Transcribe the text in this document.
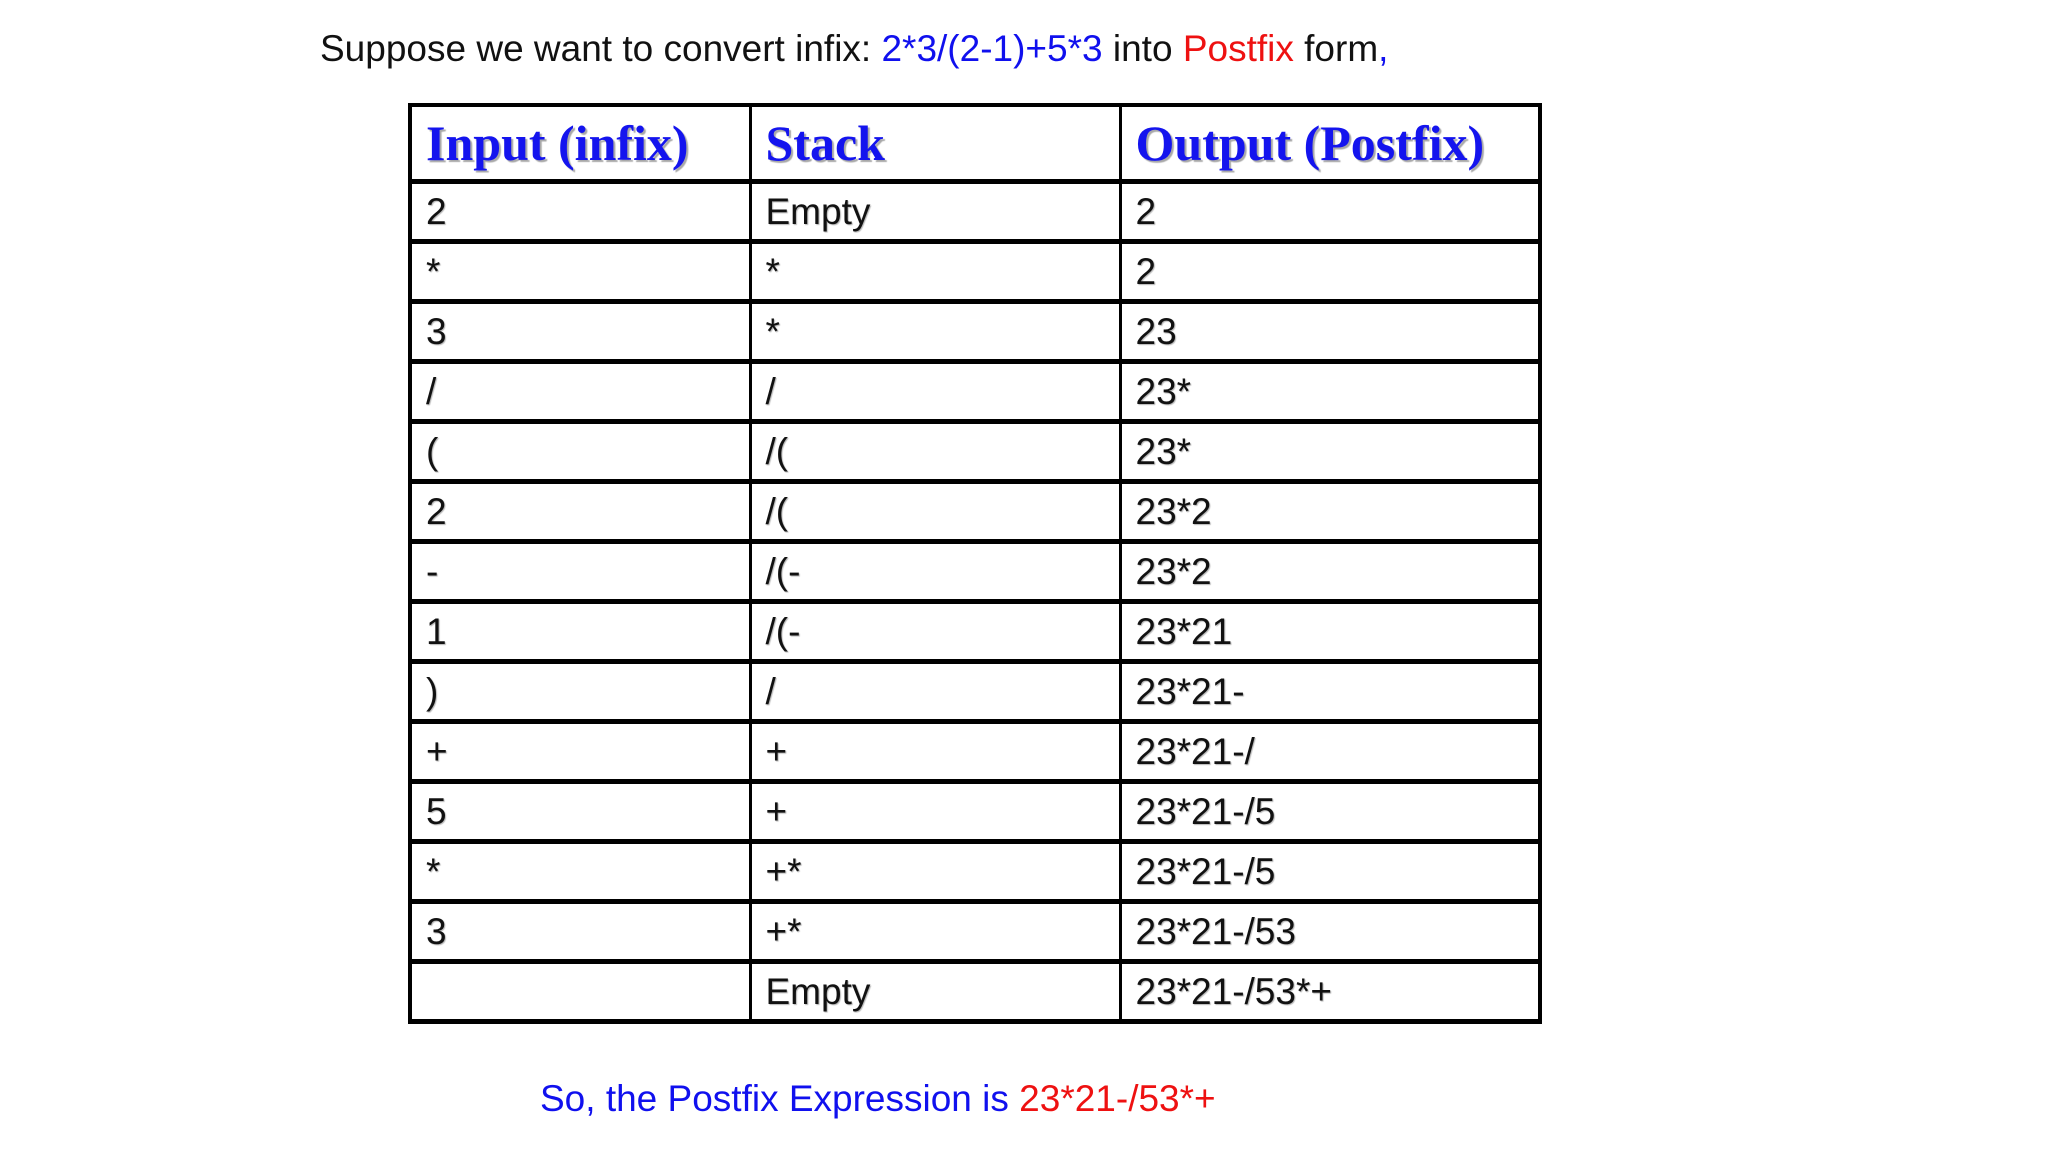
Suppose we want to convert infix: 2*3/(2-1)+5*3 into Postfix form,
Input (infix)	Stack	Output (Postfix)
2	Empty	2
*	*	2
3	*	23
/	/	23*
(	/(	23*
2	/(	23*2
-	/(-	23*2
1	/(-	23*21
)	/	23*21-
+	+	23*21-/
5	+	23*21-/5
*	+*	23*21-/5
3	+*	23*21-/53
	Empty	23*21-/53*+
So, the Postfix Expression is 23*21-/53*+
